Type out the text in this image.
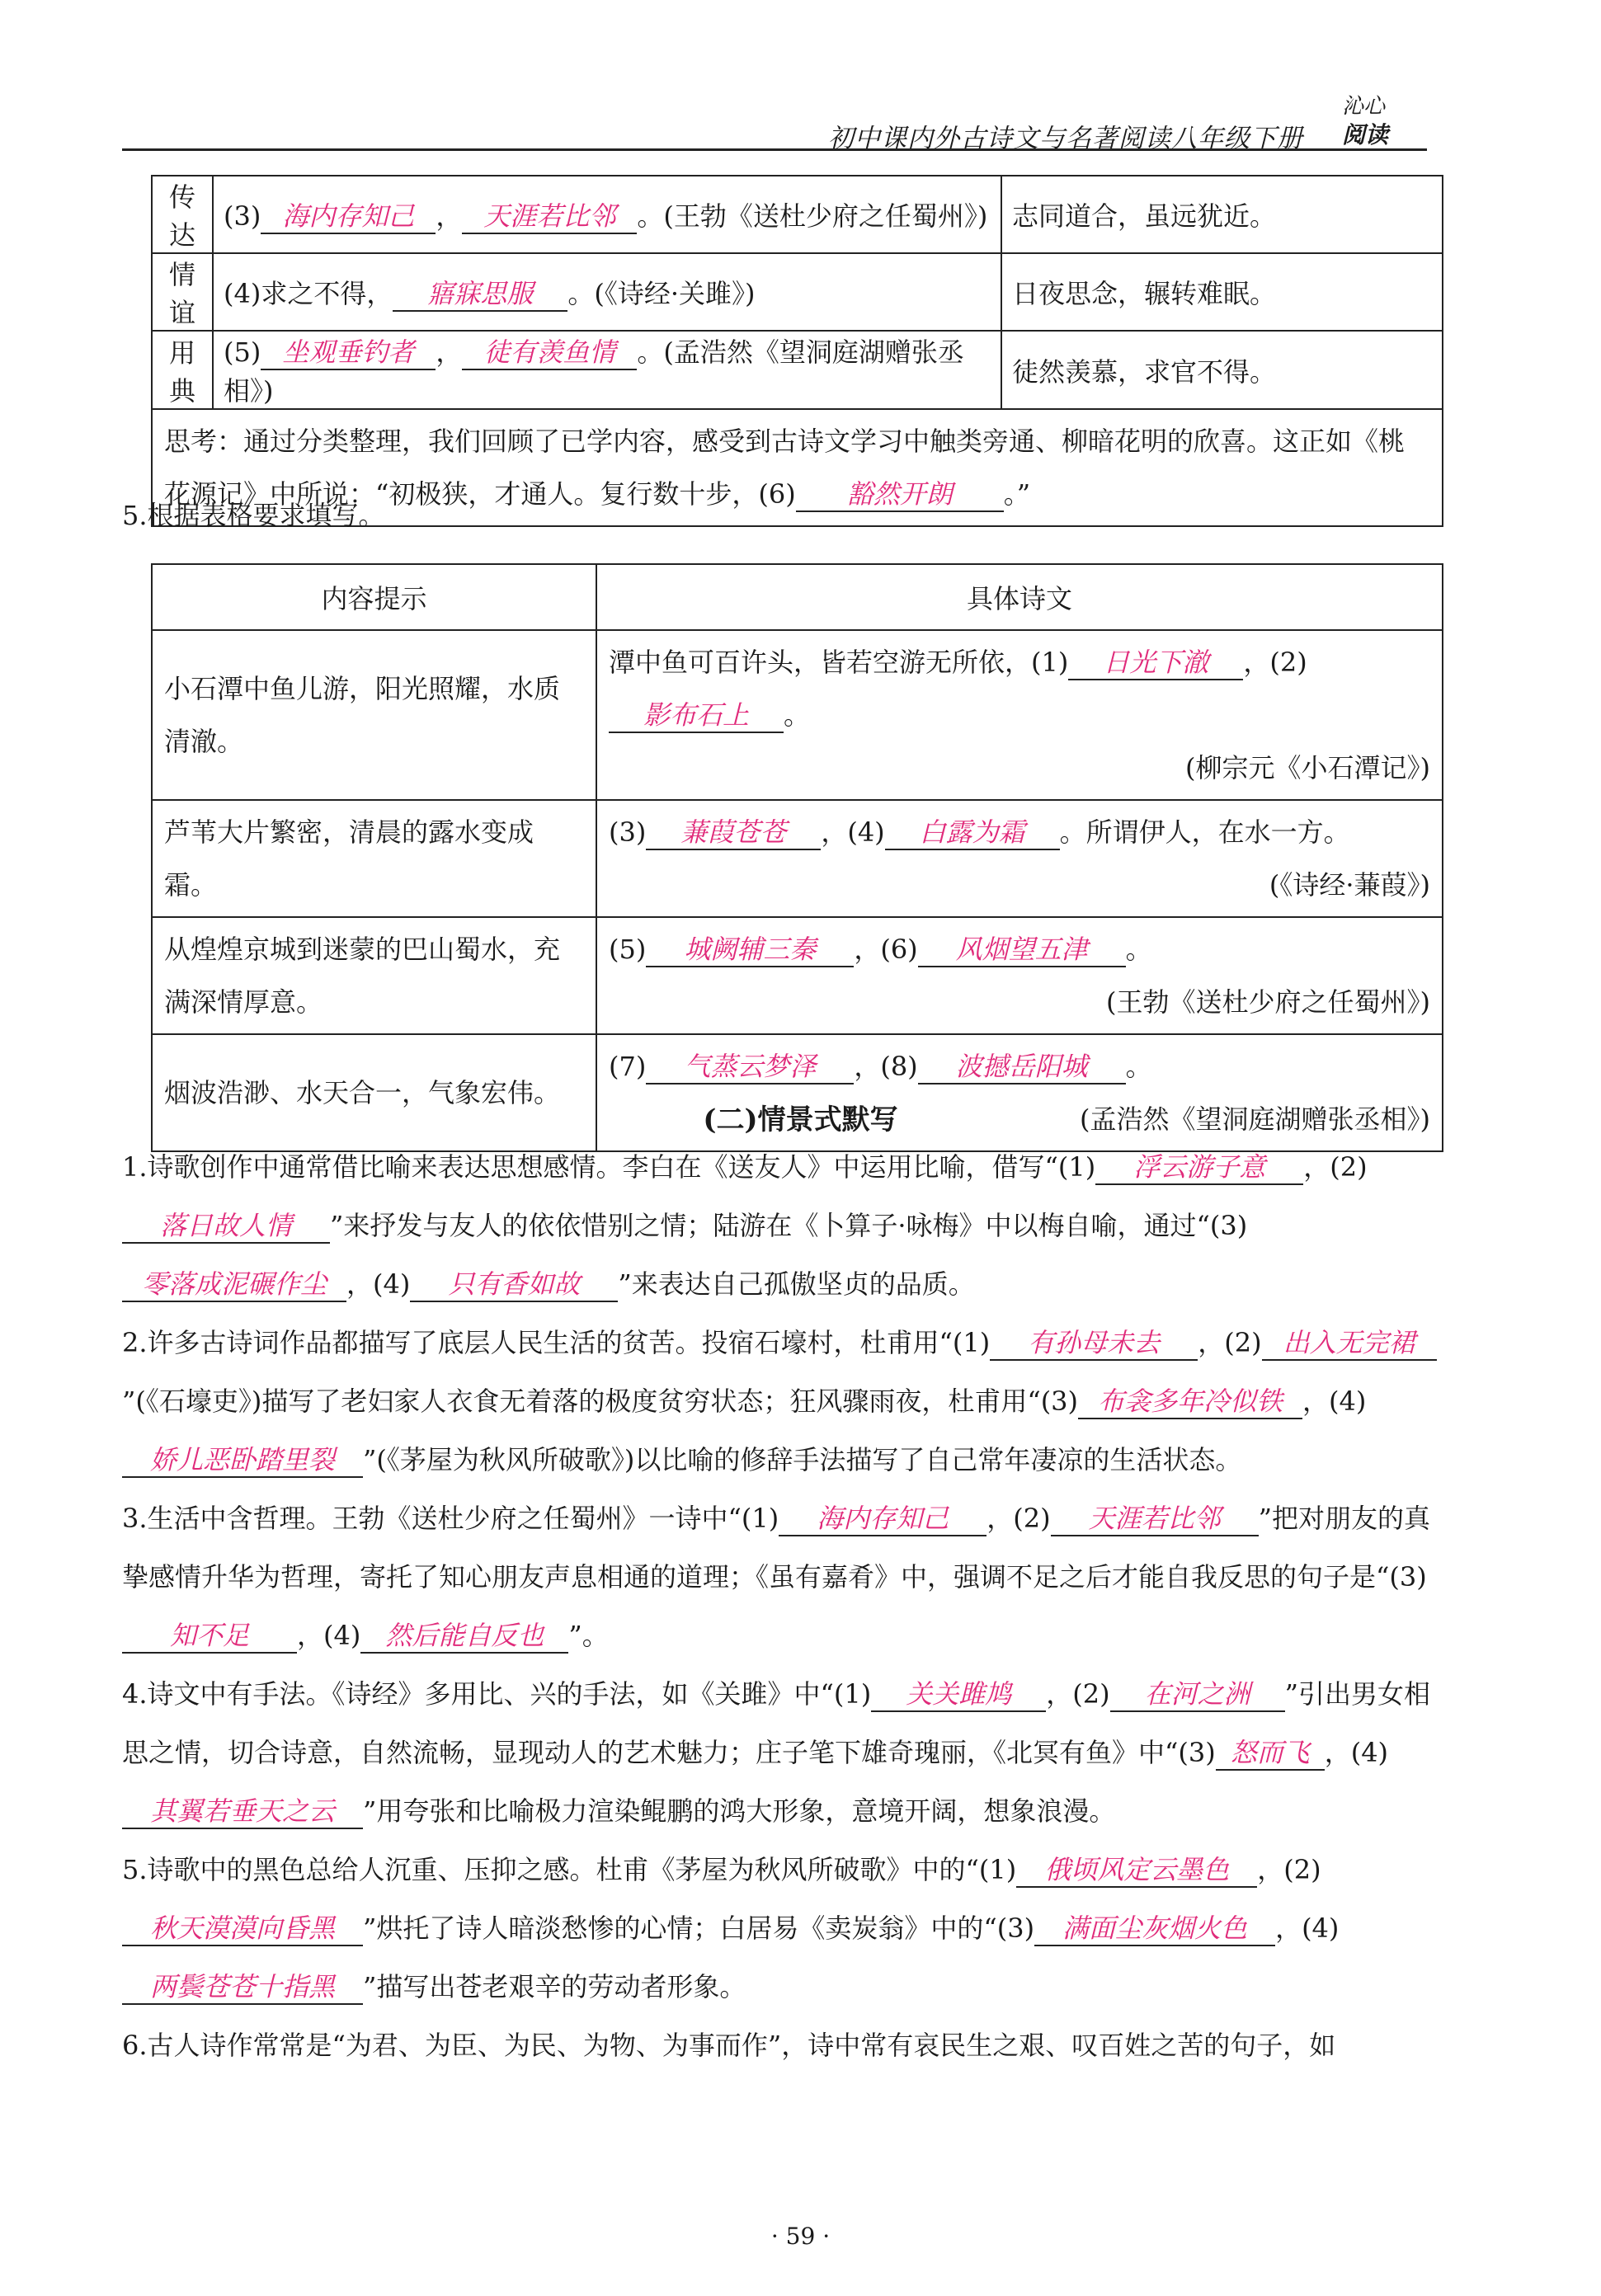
初中课内外古诗文与名著阅读八年级下册
沁心
阅读
传达	(3) 海内存知己 ， 天涯若比邻 。(王勃《送杜少府之任蜀州》)	志同道合，虽远犹近。
情谊	(4)求之不得， 寤寐思服 。(《诗经·关雎》)	日夜思念，辗转难眠。
用典	(5) 坐观垂钓者 ， 徒有羡鱼情 。(孟浩然《望洞庭湖赠张丞相》)	徒然羡慕，求官不得。
思考：通过分类整理，我们回顾了已学内容，感受到古诗文学习中触类旁通、柳暗花明的欣喜。这正如《桃花源记》中所说：“初极狭，才通人。复行数十步，(6) 豁然开朗 。”		
5.根据表格要求填写。
内容提示	具体诗文
小石潭中鱼儿游，阳光照耀，水质清澈。	潭中鱼可百许头，皆若空游无所依，(1) 日光下澈 ，(2)影布石上 。
(柳宗元《小石潭记》)

芦苇大片繁密，清晨的露水变成霜。	(3) 蒹葭苍苍 ，(4) 白露为霜 。所谓伊人，在水一方。
(《诗经·蒹葭》)

从煌煌京城到迷蒙的巴山蜀水，充满深情厚意。	(5) 城阙辅三秦 ，(6) 风烟望五津 。
(王勃《送杜少府之任蜀州》)

烟波浩渺、水天合一，气象宏伟。	(7) 气蒸云梦泽 ，(8) 波撼岳阳城 。
(孟浩然《望洞庭湖赠张丞相》)
(二)情景式默写

1.诗歌创作中通常借比喻来表达思想感情。李白在《送友人》中运用比喻，借写“(1) 浮云游子意 ，(2)落日故人情 ”来抒发与友人的依依惜别之情；陆游在《卜算子·咏梅》中以梅自喻，通过“(3)零落成泥碾作尘 ，(4) 只有香如故 ”来表达自己孤傲坚贞的品质。

2.许多古诗词作品都描写了底层人民生活的贫苦。投宿石壕村，杜甫用“(1) 有孙母未去 ，(2) 出入无完裙”(《石壕吏》)描写了老妇家人衣食无着落的极度贫穷状态；狂风骤雨夜，杜甫用“(3) 布衾多年冷似铁 ，(4)娇儿恶卧踏里裂 ”(《茅屋为秋风所破歌》)以比喻的修辞手法描写了自己常年凄凉的生活状态。

3.生活中含哲理。王勃《送杜少府之任蜀州》一诗中“(1) 海内存知己 ，(2) 天涯若比邻 ”把对朋友的真挚感情升华为哲理，寄托了知心朋友声息相通的道理；《虽有嘉肴》中，强调不足之后才能自我反思的句子是“(3)知不足 ，(4) 然后能自反也 ”。

4.诗文中有手法。《诗经》多用比、兴的手法，如《关雎》中“(1) 关关雎鸠 ，(2) 在河之洲 ”引出男女相思之情，切合诗意，自然流畅，显现动人的艺术魅力；庄子笔下雄奇瑰丽，《北冥有鱼》中“(3) 怒而飞 ，(4)其翼若垂天之云 ”用夸张和比喻极力渲染鲲鹏的鸿大形象，意境开阔，想象浪漫。

5.诗歌中的黑色总给人沉重、压抑之感。杜甫《茅屋为秋风所破歌》中的“(1) 俄顷风定云墨色 ，(2)秋天漠漠向昏黑 ”烘托了诗人暗淡愁惨的心情；白居易《卖炭翁》中的“(3) 满面尘灰烟火色 ，(4)两鬓苍苍十指黑 ”描写出苍老艰辛的劳动者形象。

6.古人诗作常常是“为君、为臣、为民、为物、为事而作”，诗中常有哀民生之艰、叹百姓之苦的句子，如

· 59 ·
